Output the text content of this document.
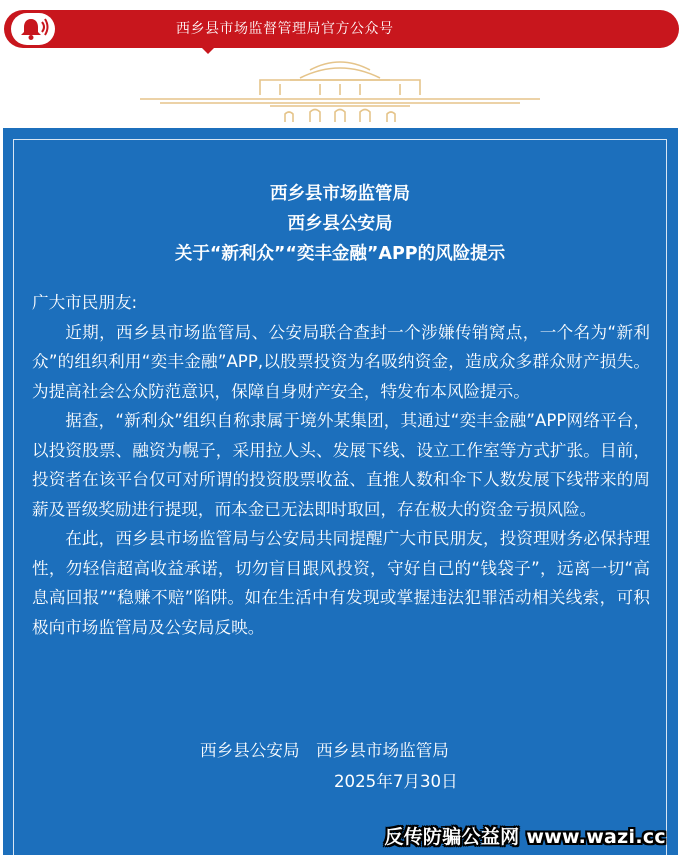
西乡县市场监督管理局官方公众号
西乡县市场监管局
西乡县公安局
关于“新利众”“奕丰金融”APP的风险提示

广大市民朋友:

近期，西乡县市场监管局、公安局联合查封一个涉嫌传销窝点，一个名为“新利众”的组织利用“奕丰金融”APP,以股票投资为名吸纳资金，造成众多群众财产损失。为提高社会公众防范意识，保障自身财产安全，特发布本风险提示。

据查，“新利众”组织自称隶属于境外某集团，其通过“奕丰金融”APP网络平台，以投资股票、融资为幌子，采用拉人头、发展下线、设立工作室等方式扩张。目前，投资者在该平台仅可对所谓的投资股票收益、直推人数和伞下人数发展下线带来的周薪及晋级奖励进行提现，而本金已无法即时取回，存在极大的资金亏损风险。

在此，西乡县市场监管局与公安局共同提醒广大市民朋友，投资理财务必保持理性，勿轻信超高收益承诺，切勿盲目跟风投资，守好自己的“钱袋子”，远离一切“高息高回报”“稳赚不赔”陷阱。如在生活中有发现或掌握违法犯罪活动相关线索，可积极向市场监管局及公安局反映。

西乡县公安局　西乡县市场监管局
2025年7月30日
反传防骗公益网 www.wazi.cc
